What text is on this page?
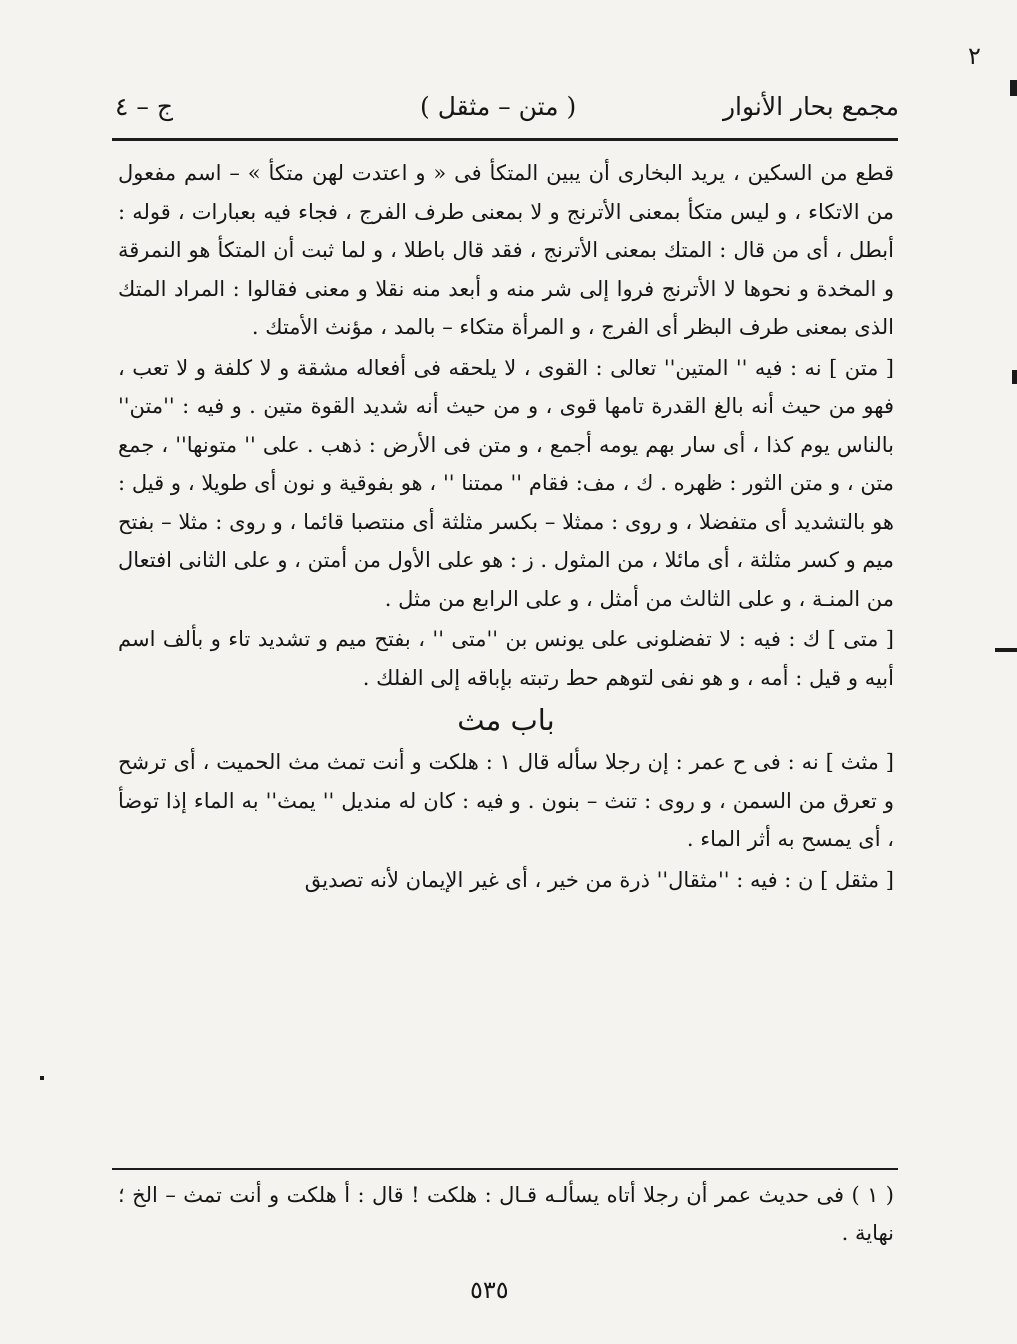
٢
مجمع بحار الأنوار
( متن – مثقل )
ج – ٤

قطع من السكين ، يريد البخارى أن يبين المتكأ فى « و اعتدت لهن متكأ » – اسم مفعول من الاتكاء ، و ليس متكأ بمعنى الأترنج و لا بمعنى طرف الفرج ، فجاء فيه بعبارات ، قوله : أبطل ، أى من قال : المتك بمعنى الأترنج ، فقد قال باطلا ، و لما ثبت أن المتكأ هو النمرقة و المخدة و نحوها لا الأترنج فروا إلى شر منه و أبعد منه نقلا و معنى فقالوا : المراد المتك الذى بمعنى طرف البظر أى الفرج ، و المرأة متكاء – بالمد ، مؤنث الأمتك .

[ متن ] نه : فيه '' المتين'' تعالى : القوى ، لا يلحقه فى أفعاله مشقة و لا كلفة و لا تعب ، فهو من حيث أنه بالغ القدرة تامها قوى ، و من حيث أنه شديد القوة متين . و فيه : ''متن'' بالناس يوم كذا ، أى سار بهم يومه أجمع ، و متن فى الأرض : ذهب . على '' متونها'' ، جمع متن ، و متن الثور : ظهره . ك ، مف: فقام '' ممتنا '' ، هو بفوقية و نون أى طويلا ، و قيل : هو بالتشديد أى متفضلا ، و روى : ممثلا – بكسر مثلثة أى منتصبا قائما ، و روى : مثلا – بفتح ميم و كسر مثلثة ، أى مائلا ، من المثول . ز : هو على الأول من أمتن ، و على الثانى افتعال من المنـة ، و على الثالث من أمثل ، و على الرابع من مثل .

[ متى ] ك : فيه : لا تفضلونى على يونس بن ''متى '' ، بفتح ميم و تشديد تاء و بألف اسم أبيه و قيل : أمه ، و هو نفى لتوهم حط رتبته بإباقه إلى الفلك .

باب مث

[ مثث ] نه : فى ح عمر : إن رجلا سأله قال ١ : هلكت و أنت تمث مث الحميت ، أى ترشح و تعرق من السمن ، و روى : تنث – بنون . و فيه : كان له منديل '' يمث'' به الماء إذا توضأ ، أى يمسح به أثر الماء .

[ مثقل ] ن : فيه : ''مثقال'' ذرة من خير ، أى غير الإيمان لأنه تصديق

( ١ ) فى حديث عمر أن رجلا أتاه يسألـه قـال : هلكت ! قال : أ هلكت و أنت تمث – الخ ؛ نهاية .
٥٣٥
